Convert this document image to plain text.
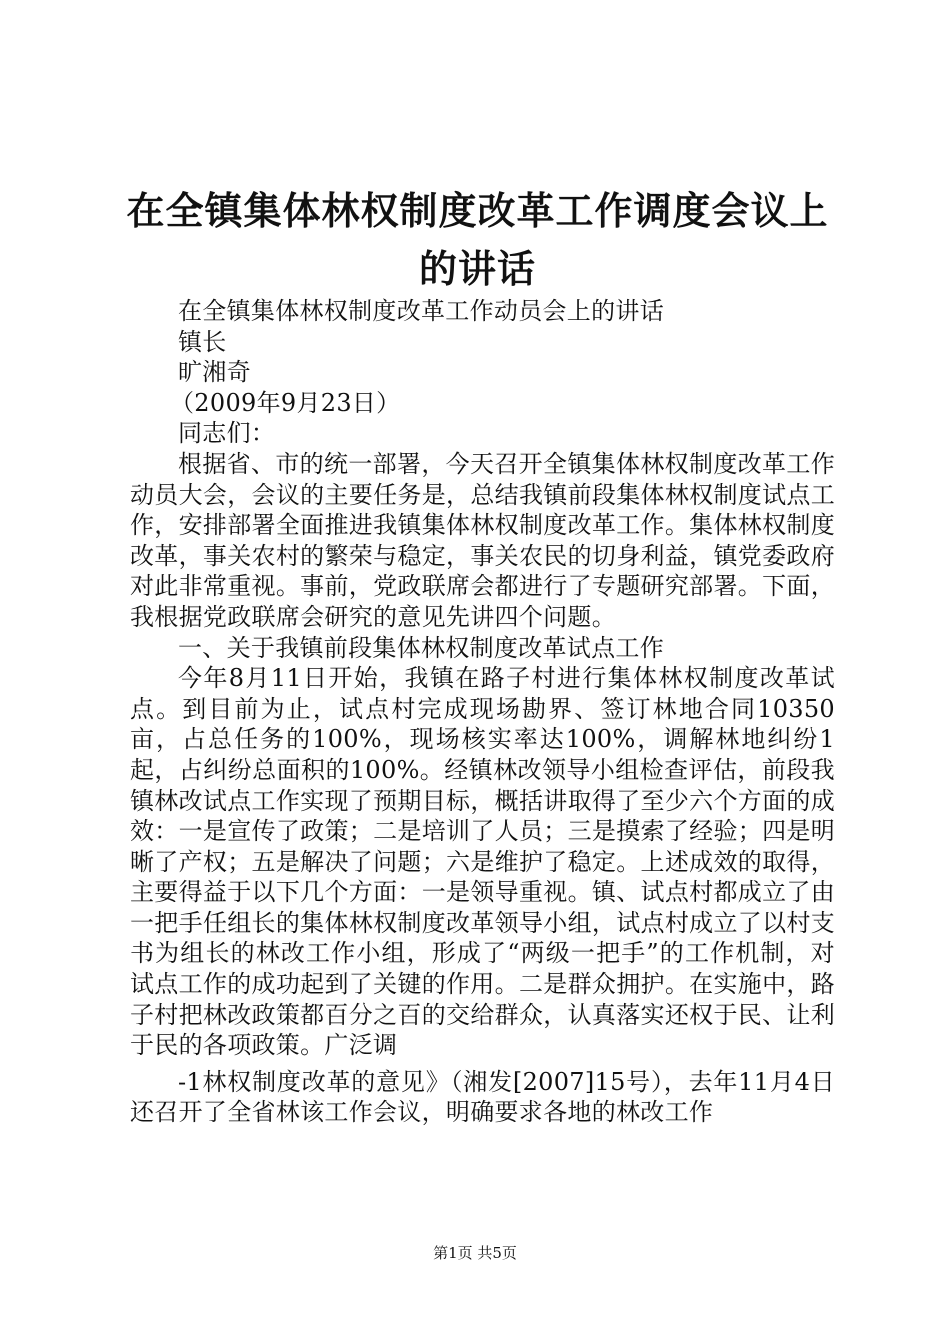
在全镇集体林权制度改革工作调度会议上的讲话

在全镇集体林权制度改革工作动员会上的讲话

镇长

旷湘奇

（2009年9月23日）

同志们：

根据省、市的统一部署，今天召开全镇集体林权制度改革工作动员大会，会议的主要任务是，总结我镇前段集体林权制度试点工作，安排部署全面推进我镇集体林权制度改革工作。集体林权制度改革，事关农村的繁荣与稳定，事关农民的切身利益，镇党委政府对此非常重视。事前，党政联席会都进行了专题研究部署。下面，我根据党政联席会研究的意见先讲四个问题。

一、关于我镇前段集体林权制度改革试点工作

今年8月11日开始，我镇在路子村进行集体林权制度改革试点。到目前为止，试点村完成现场勘界、签订林地合同10350亩，占总任务的100%，现场核实率达100%，调解林地纠纷1起，占纠纷总面积的100%。经镇林改领导小组检查评估，前段我镇林改试点工作实现了预期目标，概括讲取得了至少六个方面的成效：一是宣传了政策；二是培训了人员；三是摸索了经验；四是明晰了产权；五是解决了问题；六是维护了稳定。上述成效的取得，主要得益于以下几个方面：一是领导重视。镇、试点村都成立了由一把手任组长的集体林权制度改革领导小组，试点村成立了以村支书为组长的林改工作小组，形成了“两级一把手”的工作机制，对试点工作的成功起到了关键的作用。二是群众拥护。在实施中，路子村把林改政策都百分之百的交给群众，认真落实还权于民、让利于民的各项政策。广泛调

-1林权制度改革的意见》（湘发[2007]15号），去年11月4日还召开了全省林该工作会议，明确要求各地的林改工作

第1页 共5页
